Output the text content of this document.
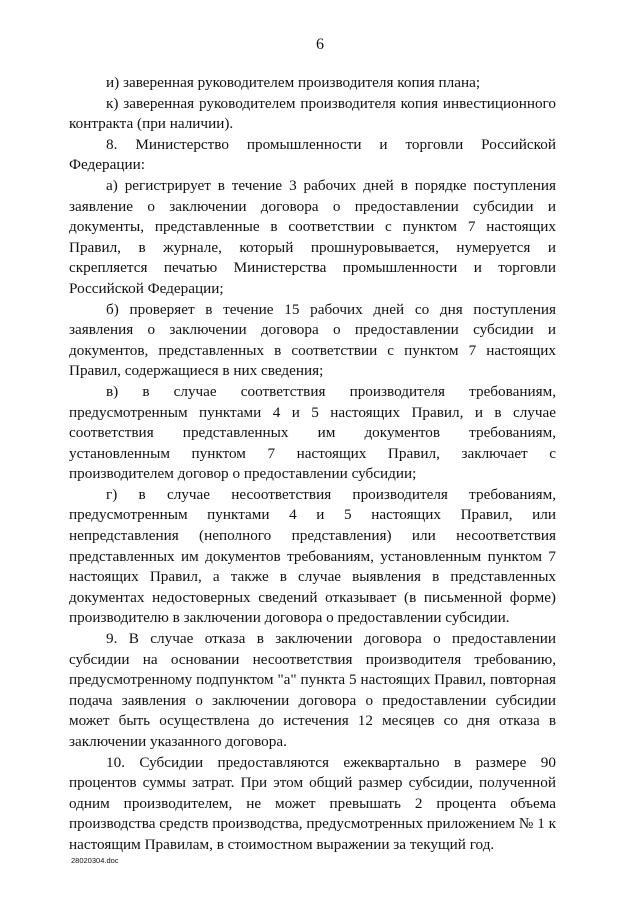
6

и) заверенная руководителем производителя копия плана;

к) заверенная руководителем производителя копия инвестиционного контракта (при наличии).

8. Министерство промышленности и торговли Российской Федерации:

а) регистрирует в течение 3 рабочих дней в порядке поступления заявление о заключении договора о предоставлении субсидии и документы, представленные в соответствии с пунктом 7 настоящих Правил, в журнале, который прошнуровывается, нумеруется и скрепляется печатью Министерства промышленности и торговли Российской Федерации;

б) проверяет в течение 15 рабочих дней со дня поступления заявления о заключении договора о предоставлении субсидии и документов, представленных в соответствии с пунктом 7 настоящих Правил, содержащиеся в них сведения;

в) в случае соответствия производителя требованиям, предусмотренным пунктами 4 и 5 настоящих Правил, и в случае соответствия представленных им документов требованиям, установленным пунктом 7 настоящих Правил, заключает с производителем договор о предоставлении субсидии;

г) в случае несоответствия производителя требованиям, предусмотренным пунктами 4 и 5 настоящих Правил, или непредставления (неполного представления) или несоответствия представленных им документов требованиям, установленным пунктом 7 настоящих Правил, а также в случае выявления в представленных документах недостоверных сведений отказывает (в письменной форме) производителю в заключении договора о предоставлении субсидии.

9. В случае отказа в заключении договора о предоставлении субсидии на основании несоответствия производителя требованию, предусмотренному подпунктом "а" пункта 5 настоящих Правил, повторная подача заявления о заключении договора о предоставлении субсидии может быть осуществлена до истечения 12 месяцев со дня отказа в заключении указанного договора.

10. Субсидии предоставляются ежеквартально в размере 90 процентов суммы затрат. При этом общий размер субсидии, полученной одним производителем, не может превышать 2 процента объема производства средств производства, предусмотренных приложением № 1 к настоящим Правилам, в стоимостном выражении за текущий год.

28020304.doc
